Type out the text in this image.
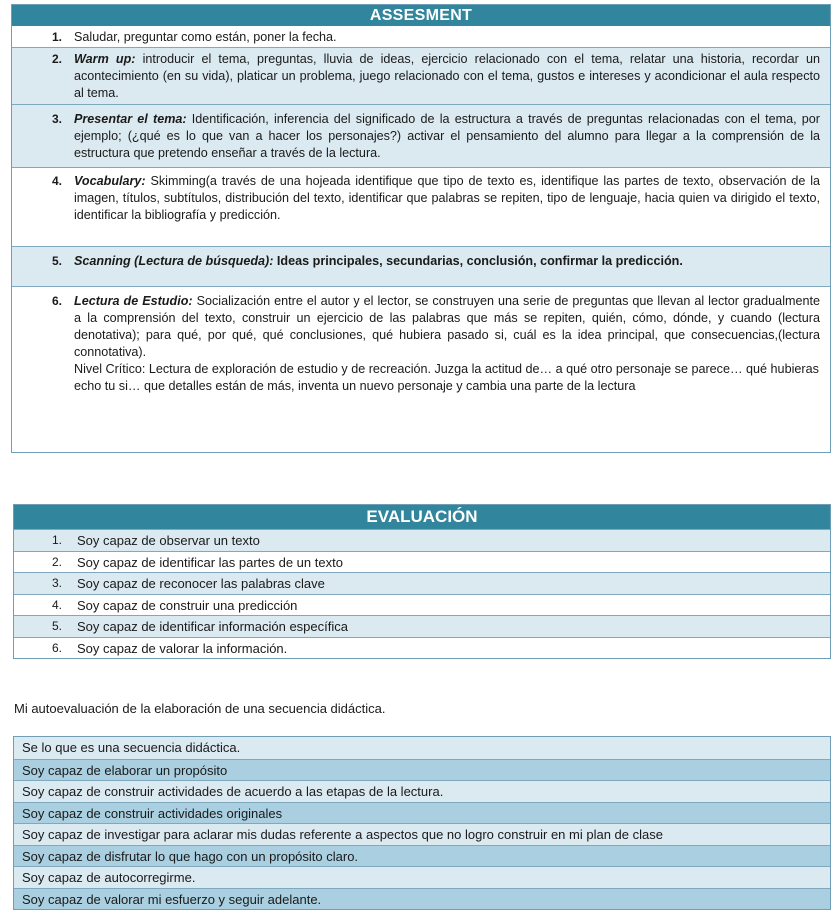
ASSESMENT
1. Saludar, preguntar como están, poner la fecha.

2. Warm up: introducir el tema, preguntas, lluvia de ideas, ejercicio relacionado con el tema, relatar una historia, recordar un acontecimiento (en su vida), platicar un problema, juego relacionado con el tema, gustos e intereses y acondicionar el aula respecto al tema.

3. Presentar el tema: Identificación, inferencia del significado de la estructura a través de preguntas relacionadas con el tema, por ejemplo; (¿qué es lo que van a hacer los personajes?) activar el pensamiento del alumno para llegar a la comprensión de la estructura que pretendo enseñar a través de la lectura.

4. Vocabulary: Skimming(a través de una hojeada identifique que tipo de texto es, identifique las partes de texto, observación de la imagen, títulos, subtítulos, distribución del texto, identificar que palabras se repiten, tipo de lenguaje, hacia quien va dirigido el texto, identificar la bibliografía y predicción.

5. Scanning (Lectura de búsqueda): Ideas principales, secundarias, conclusión, confirmar la predicción.

6. Lectura de Estudio: Socialización entre el autor y el lector, se construyen una serie de preguntas que llevan al lector gradualmente a la comprensión del texto, construir un ejercicio de las palabras que más se repiten, quién, cómo, dónde, y cuando (lectura denotativa); para qué, por qué, qué conclusiones, qué hubiera pasado si, cuál es la idea principal, que consecuencias,(lectura connotativa).

Nivel Crítico: Lectura de exploración de estudio y de recreación. Juzga la actitud de… a qué otro personaje se parece… qué hubieras echo tu si… que detalles están de más, inventa un nuevo personaje y cambia una parte de la lectura

EVALUACIÓN
1. Soy capaz de observar un texto
2. Soy capaz de identificar las partes de un texto
3. Soy capaz de reconocer las palabras clave
4. Soy capaz de construir una predicción
5. Soy capaz de identificar información específica
6. Soy capaz de valorar la información.
Mi autoevaluación de la elaboración de una secuencia didáctica.
Se lo que es una secuencia didáctica.
Soy capaz de elaborar un propósito
Soy capaz de construir actividades de acuerdo a las etapas de la lectura.
Soy capaz de construir actividades originales
Soy capaz de investigar para aclarar mis dudas referente a aspectos que no logro construir en mi plan de clase
Soy capaz de disfrutar lo que hago con un propósito claro.
Soy capaz de autocorregirme.
Soy capaz de valorar mi esfuerzo y seguir adelante.
